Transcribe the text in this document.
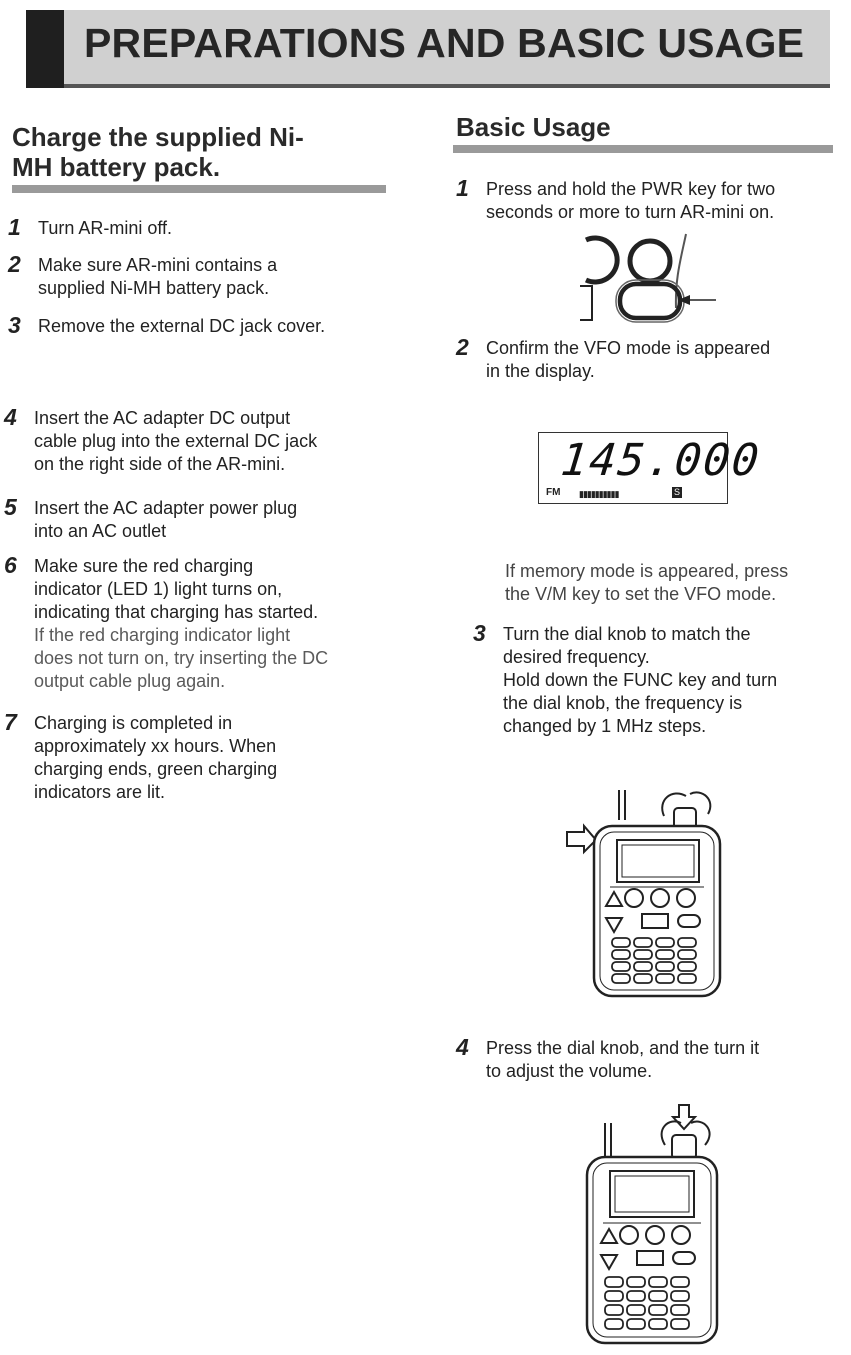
PREPARATIONS AND BASIC USAGE
Charge the supplied Ni-
MH battery pack.
1 Turn AR-mini off.
2 Make sure AR-mini contains a
supplied Ni-MH battery pack.
3 Remove the external DC jack cover.
4 Insert the AC adapter DC output
cable plug into the external DC jack
on the right side of the AR-mini.
5 Insert the AC adapter power plug
into an AC outlet
6 Make sure the red charging
indicator (LED 1) light turns on,
indicating that charging has started.
If the red charging indicator light
does not turn on, try inserting the DC
output cable plug again.
7 Charging is completed in
approximately xx hours. When
charging ends, green charging
indicators are lit.
Basic Usage
1 Press and hold the PWR key for two
seconds or more to turn AR-mini on.
2 Confirm the VFO mode is appeared
in the display.
145.000
FM ▮▮▮▮▮▮▮▮▮▮	S
If memory mode is appeared, press
the V/M key to set the VFO mode.
3 Turn the dial knob to match the
desired frequency.
Hold down the FUNC key and turn
the dial knob, the frequency is
changed by 1 MHz steps.
4 Press the dial knob, and the turn it
to adjust the volume.
